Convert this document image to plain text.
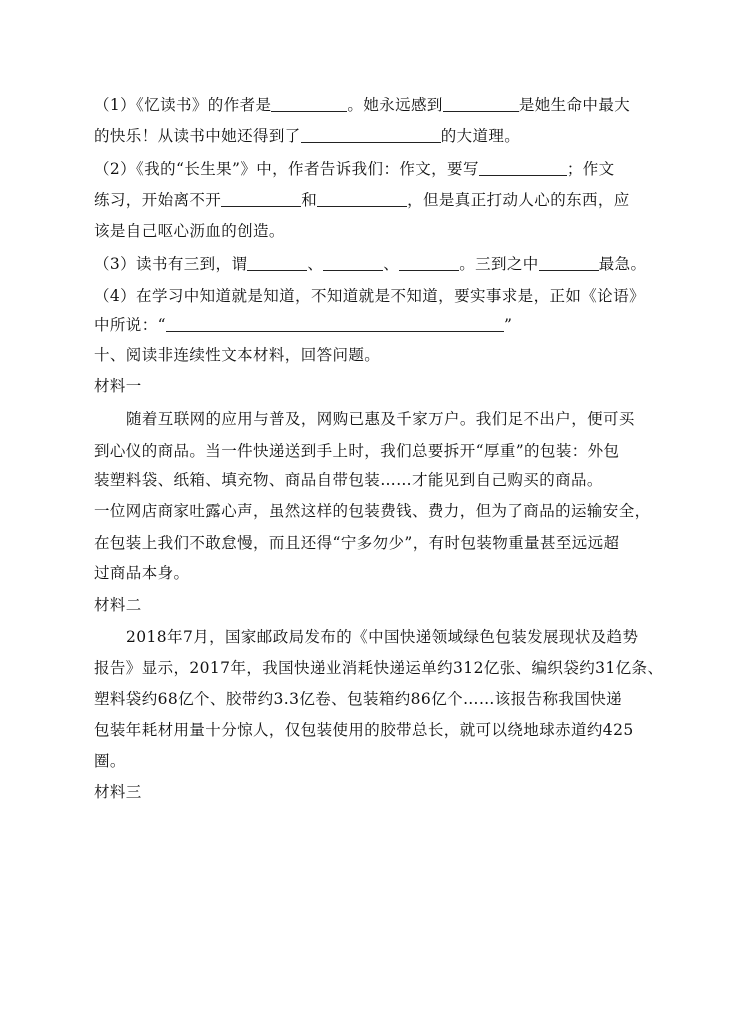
（1）《忆读书》的作者是	。她永远感到	是她生命中最大
的快乐！从读书中她还得到了	的大道理。
（2）《我的“长生果”》中，作者告诉我们：作文，要写	；作文
练习，开始离不开	和	，但是真正打动人心的东西，应
该是自己呕心沥血的创造。
（3）读书有三到，谓	、	、	。三到之中	最急。
（4）在学习中知道就是知道，不知道就是不知道，要实事求是，正如《论语》
中所说：“	”
十、阅读非连续性文本材料，回答问题。
材料一
随着互联网的应用与普及，网购已惠及千家万户。我们足不出户，便可买
到心仪的商品。当一件快递送到手上时，我们总要拆开“厚重”的包装：外包
装塑料袋、纸箱、填充物、商品自带包装……才能见到自己购买的商品。
一位网店商家吐露心声，虽然这样的包装费钱、费力，但为了商品的运输安全，
在包装上我们不敢怠慢，而且还得“宁多勿少”，有时包装物重量甚至远远超
过商品本身。
材料二
2018年7月，国家邮政局发布的《中国快递领域绿色包装发展现状及趋势
报告》显示，2017年，我国快递业消耗快递运单约312亿张、编织袋约31亿条、
塑料袋约68亿个、胶带约3.3亿卷、包装箱约86亿个……该报告称我国快递
包装年耗材用量十分惊人，仅包装使用的胶带总长，就可以绕地球赤道约425
圈。
材料三
